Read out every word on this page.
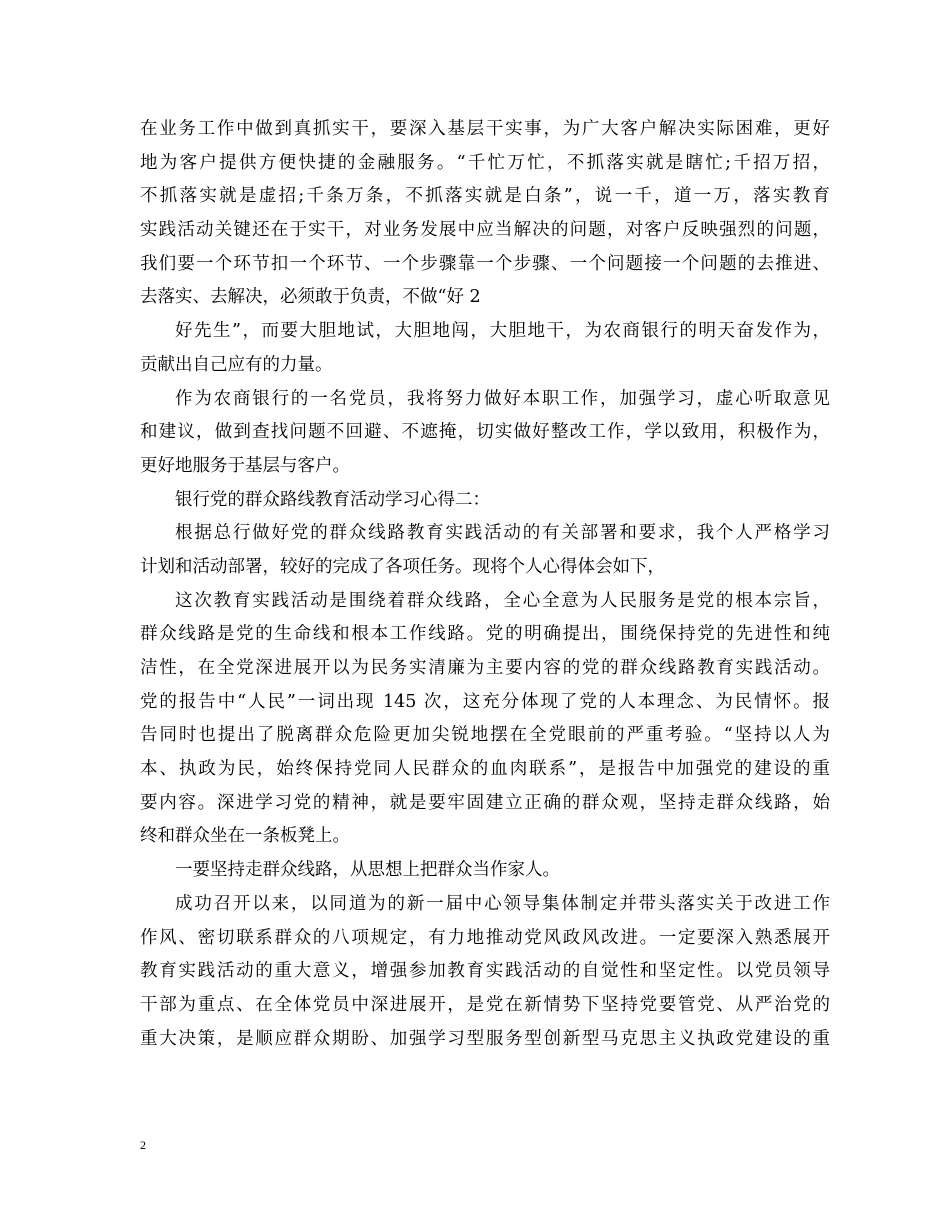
在业务工作中做到真抓实干，要深入基层干实事，为广大客户解决实际困难，更好
地为客户提供方便快捷的金融服务。“千忙万忙，不抓落实就是瞎忙;千招万招，
不抓落实就是虚招;千条万条，不抓落实就是白条”，说一千，道一万，落实教育
实践活动关键还在于实干，对业务发展中应当解决的问题，对客户反映强烈的问题，
我们要一个环节扣一个环节、一个步骤靠一个步骤、一个问题接一个问题的去推进、
去落实、去解决，必须敢于负责，不做“好 2
好先生”，而要大胆地试，大胆地闯，大胆地干，为农商银行的明天奋发作为，
贡献出自己应有的力量。
作为农商银行的一名党员，我将努力做好本职工作，加强学习，虚心听取意见
和建议，做到查找问题不回避、不遮掩，切实做好整改工作，学以致用，积极作为，
更好地服务于基层与客户。
银行党的群众路线教育活动学习心得二：
根据总行做好党的群众线路教育实践活动的有关部署和要求，我个人严格学习
计划和活动部署，较好的完成了各项任务。现将个人心得体会如下，
这次教育实践活动是围绕着群众线路，全心全意为人民服务是党的根本宗旨，
群众线路是党的生命线和根本工作线路。党的明确提出，围绕保持党的先进性和纯
洁性，在全党深进展开以为民务实清廉为主要内容的党的群众线路教育实践活动。
党的报告中“人民”一词出现 145 次，这充分体现了党的人本理念、为民情怀。报
告同时也提出了脱离群众危险更加尖锐地摆在全党眼前的严重考验。“坚持以人为
本、执政为民，始终保持党同人民群众的血肉联系”，是报告中加强党的建设的重
要内容。深进学习党的精神，就是要牢固建立正确的群众观，坚持走群众线路，始
终和群众坐在一条板凳上。
一要坚持走群众线路，从思想上把群众当作家人。
成功召开以来，以同道为的新一届中心领导集体制定并带头落实关于改进工作
作风、密切联系群众的八项规定，有力地推动党风政风改进。一定要深入熟悉展开
教育实践活动的重大意义，增强参加教育实践活动的自觉性和坚定性。以党员领导
干部为重点、在全体党员中深进展开，是党在新情势下坚持党要管党、从严治党的
重大决策，是顺应群众期盼、加强学习型服务型创新型马克思主义执政党建设的重
2
